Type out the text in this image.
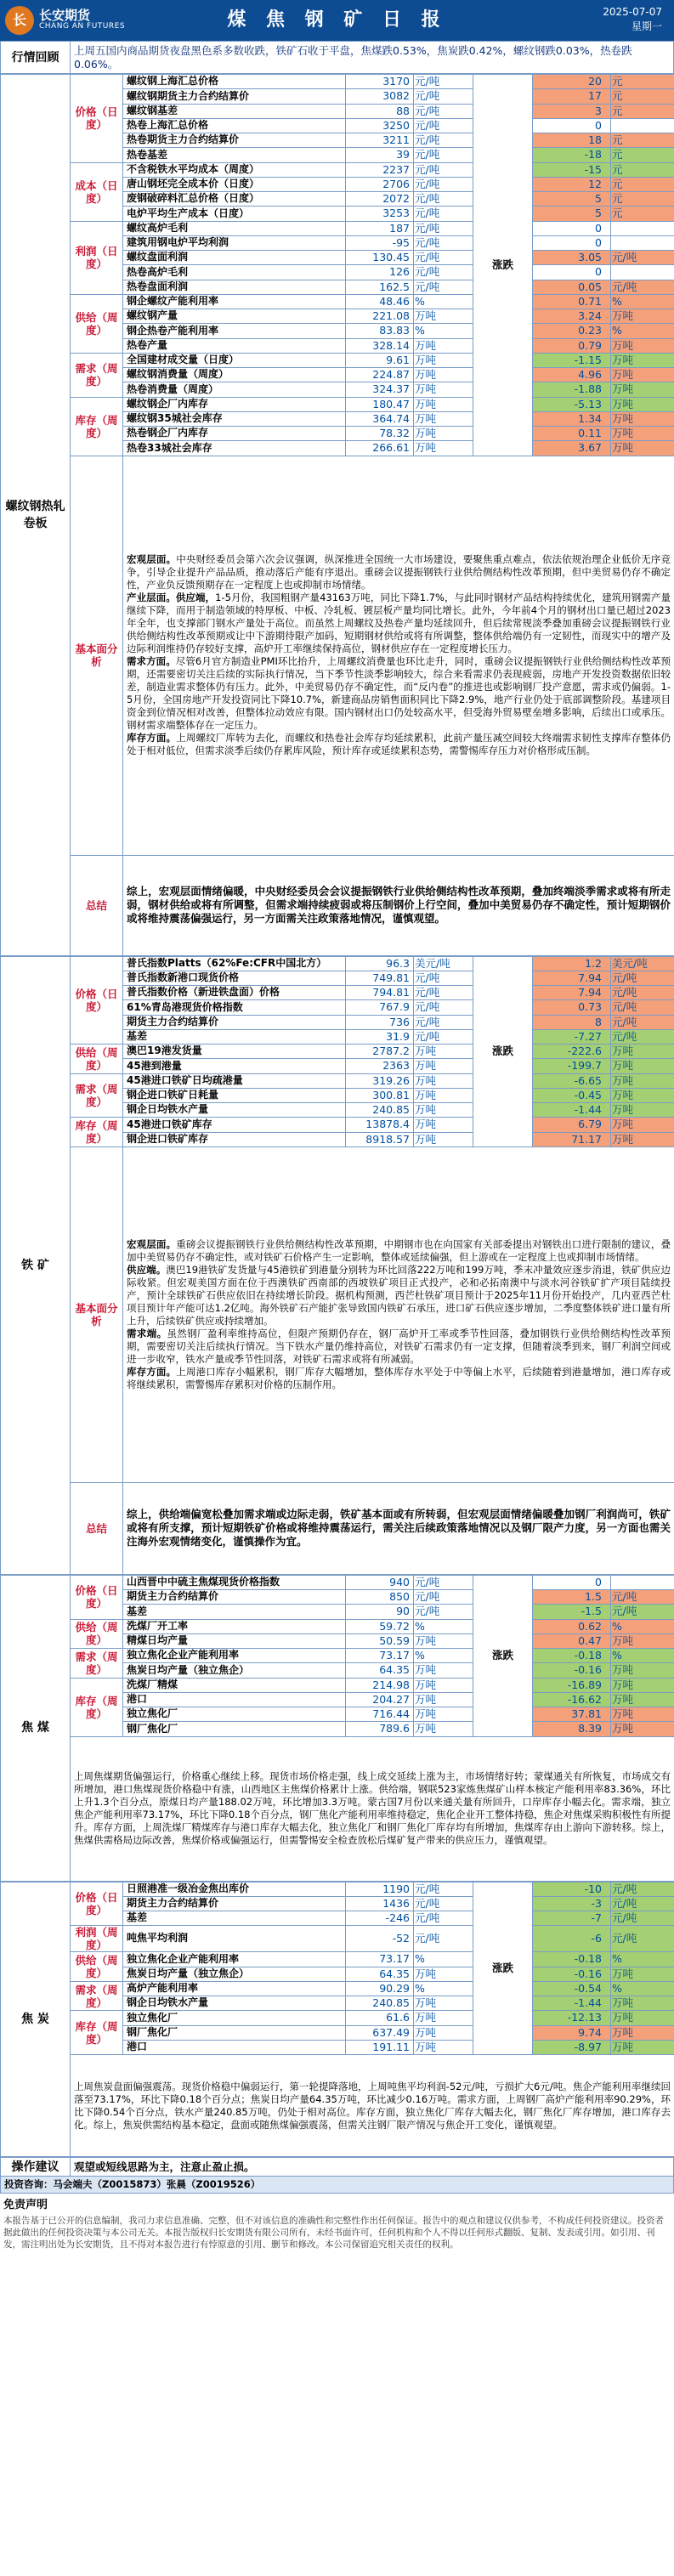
长	长安期货
CHANG AN FUTURES	煤 焦 钢 矿 日 报	2025-07-07
星期一
行情回顾	上周五国内商品期货夜盘黑色系多数收跌，铁矿石收于平盘，焦煤跌0.53%，焦炭跌0.42%，螺纹钢跌0.03%，热卷跌0.06%。
螺纹钢热轧卷板	价格（日度）	螺纹钢上海汇总价格	3170	元/吨	涨跌	20	元
		螺纹钢期货主力合约结算价	3082	元/吨		17	元
		螺纹钢基差	88	元/吨		3	元
		热卷上海汇总价格	3250	元/吨		0	
		热卷期货主力合约结算价	3211	元/吨		18	元
		热卷基差	39	元/吨		-18	元
	成本（日度）	不含税铁水平均成本（周度）	2237	元/吨		-15	元
		唐山钢坯完全成本价（日度）	2706	元/吨		12	元
		废钢破碎料汇总价格（日度）	2072	元/吨		5	元
		电炉平均生产成本（日度）	3253	元/吨		5	元
	利润（日度）	螺纹高炉毛利	187	元/吨		0	
		建筑用钢电炉平均利润	-95	元/吨		0	
		螺纹盘面利润	130.45	元/吨		3.05	元/吨
		热卷高炉毛利	126	元/吨		0	
		热卷盘面利润	162.5	元/吨		0.05	元/吨
	供给（周度）	钢企螺纹产能利用率	48.46	%		0.71	%
		螺纹钢产量	221.08	万吨		3.24	万吨
		钢企热卷产能利用率	83.83	%		0.23	%
		热卷产量	328.14	万吨		0.79	万吨
	需求（周度）	全国建材成交量（日度）	9.61	万吨		-1.15	万吨
		螺纹钢消费量（周度）	224.87	万吨		4.96	万吨
		热卷消费量（周度）	324.37	万吨		-1.88	万吨
	库存（周度）	螺纹钢企厂内库存	180.47	万吨		-5.13	万吨
		螺纹钢35城社会库存	364.74	万吨		1.34	万吨
		热卷钢企厂内库存	78.32	万吨		0.11	万吨
		热卷33城社会库存	266.61	万吨		3.67	万吨
	基本面分析	宏观层面。中央财经委员会第六次会议强调，纵深推进全国统一大市场建设，要聚焦重点难点，依法依规治理企业低价无序竞争，引导企业提升产品品质，推动落后产能有序退出。重磅会议提振钢铁行业供给侧结构性改革预期，但中美贸易仍存不确定性，产业负反馈预期存在一定程度上也或抑制市场情绪。
产业层面。供应端，1-5月份，我国粗钢产量43163万吨，同比下降1.7%，与此同时钢材产品结构持续优化，建筑用钢需产量继续下降，而用于制造领域的特厚板、中板、冷轧板、镀层板产量均同比增长。此外，今年前4个月的钢材出口量已超过2023年全年，也支撑部门钢水产量处于高位。而虽然上周螺纹及热卷产量均延续回升，但后续常规淡季叠加重磅会议提振钢铁行业供给侧结构性改革预期或让中下游期待限产加码，短期钢材供给或将有所调整，整体供给端仍有一定韧性，而现实中的增产及边际利润维持仍存较好支撑，高炉开工率继续保持高位，钢材供应存在一定程度增长压力。
需求方面。尽管6月官方制造业PMI环比抬升，上周螺纹消费量也环比走升，同时，重磅会议提振钢铁行业供给侧结构性改革预期，还需要密切关注后续的实际执行情况，当下季节性淡季影响较大，综合来看需求仍表现疲弱，房地产开发投资数据依旧较差，制造业需求整体仍有压力。此外，中美贸易仍存不确定性，而“反内卷”的推进也或影响钢厂投产意愿，需求或仍偏弱。1-5月份，全国房地产开发投资同比下降10.7%，新建商品房销售面积同比下降2.9%，地产行业仍处于底部调整阶段。基建项目资金到位情况相对改善，但整体拉动效应有限。国内钢材出口仍处较高水平，但受海外贸易壁垒增多影响，后续出口或承压。钢材需求端整体存在一定压力。
库存方面。上周螺纹厂库转为去化，而螺纹和热卷社会库存均延续累积，此前产量压减空间较大终端需求韧性支撑库存整体仍处于相对低位，但需求淡季后续仍存累库风险，预计库存或延续累积态势，需警惕库存压力对价格形成压制。					

	总结	综上，宏观层面情绪偏暖，中央财经委员会会议提振钢铁行业供给侧结构性改革预期，叠加终端淡季需求或将有所走弱，钢材供给或将有所调整，但需求端持续疲弱或将压制钢价上行空间，叠加中美贸易仍存不确定性，预计短期钢价或将维持震荡偏强运行，另一方面需关注政策落地情况，谨慎观望。					
铁 矿	价格（日度）	普氏指数Platts（62%Fe:CFR中国北方）	96.3	美元/吨	涨跌	1.2	美元/吨
		普氏指数新港口现货价格	749.81	元/吨		7.94	元/吨
		普氏指数价格（新进铁盘面）价格	794.81	元/吨		7.94	元/吨
		61%青岛港现货价格指数	767.9	元/吨		0.73	元/吨
		期货主力合约结算价	736	元/吨		8	元/吨
		基差	31.9	元/吨		-7.27	元/吨
	供给（周度）	澳巴19港发货量	2787.2	万吨		-222.6	万吨
		45港到港量	2363	万吨		-199.7	万吨
	需求（周度）	45港进口铁矿日均疏港量	319.26	万吨		-6.65	万吨
		钢企进口铁矿日耗量	300.81	万吨		-0.45	万吨
		钢企日均铁水产量	240.85	万吨		-1.44	万吨
	库存（周度）	45港进口铁矿库存	13878.4	万吨		6.79	万吨
		钢企进口铁矿库存	8918.57	万吨		71.17	万吨
	基本面分析	宏观层面。重磅会议提振钢铁行业供给侧结构性改革预期，中期钢市也在向国家有关部委提出对钢铁出口进行限制的建议，叠加中美贸易仍存不确定性，或对铁矿石价格产生一定影响，整体或延续偏强，但上游或在一定程度上也或抑制市场情绪。
供应端。澳巴19港铁矿发货量与45港铁矿到港量分别转为环比回落222万吨和199万吨，季末冲量效应逐步消退，铁矿供应边际收紧。但宏观美国方面在位于西澳铁矿西南部的西坡铁矿项目正式投产，必和必拓南澳中与淡水河谷铁矿扩产项目陆续投产，预计全球铁矿石供应依旧在持续增长阶段。据机构预测，西芒杜铁矿项目预计于2025年11月份开始投产，几内亚西芒杜项目预计年产能可达1.2亿吨。海外铁矿石产能扩张导致国内铁矿石承压，进口矿石供应逐步增加，二季度整体铁矿进口量有所上升，后续铁矿供应或持续增加。
需求端。虽然钢厂盈利率维持高位，但限产预期仍存在，钢厂高炉开工率或季节性回落，叠加钢铁行业供给侧结构性改革预期，需要密切关注后续执行情况。当下铁水产量仍维持高位，对铁矿石需求仍有一定支撑，但随着淡季到来，钢厂利润空间或进一步收窄，铁水产量或季节性回落，对铁矿石需求或将有所减弱。
库存方面。上周港口库存小幅累积，钢厂库存大幅增加，整体库存水平处于中等偏上水平，后续随着到港量增加，港口库存或将继续累积，需警惕库存累积对价格的压制作用。					

	总结	综上，供给端偏宽松叠加需求端或边际走弱，铁矿基本面或有所转弱，但宏观层面情绪偏暖叠加钢厂利润尚可，铁矿或将有所支撑，预计短期铁矿价格或将维持震荡运行，需关注后续政策落地情况以及钢厂限产力度，另一方面也需关注海外宏观情绪变化，谨慎操作为宜。					
焦 煤	价格（日度）	山西晋中中硫主焦煤现货价格指数	940	元/吨	涨跌	0	
		期货主力合约结算价	850	元/吨		1.5	元/吨
		基差	90	元/吨		-1.5	元/吨
	供给（周度）	洗煤厂开工率	59.72	%		0.62	%
		精煤日均产量	50.59	万吨		0.47	万吨
	需求（周度）	独立焦化企业产能利用率	73.17	%		-0.18	%
		焦炭日均产量（独立焦企）	64.35	万吨		-0.16	万吨
	库存（周度）	洗煤厂精煤	214.98	万吨		-16.89	万吨
		港口	204.27	万吨		-16.62	万吨
		独立焦化厂	716.44	万吨		37.81	万吨
		钢厂焦化厂	789.6	万吨		8.39	万吨
	上周焦煤期货偏强运行，价格重心继续上移。现货市场价格走强，线上成交延续上涨为主，市场情绪好转；蒙煤通关有所恢复，市场成交有所增加，港口焦煤现货价格稳中有涨，山西地区主焦煤价格累计上涨。供给端，钢联523家炼焦煤矿山样本核定产能利用率83.36%，环比上升1.3个百分点，原煤日均产量188.02万吨，环比增加3.3万吨。蒙古国7月份以来通关量有所回升，口岸库存小幅去化。需求端，独立焦企产能利用率73.17%，环比下降0.18个百分点，钢厂焦化产能利用率维持稳定，焦化企业开工整体持稳，焦企对焦煤采购积极性有所提升。库存方面，上周洗煤厂精煤库存与港口库存大幅去化，独立焦化厂和钢厂焦化厂库存均有所增加，焦煤库存由上游向下游转移。综上，焦煤供需格局边际改善，焦煤价格或偏强运行，但需警惕安全检查放松后煤矿复产带来的供应压力，谨慎观望。						
焦 炭	价格（日度）	日照港准一级冶金焦出库价	1190	元/吨	涨跌	-10	元/吨
		期货主力合约结算价	1436	元/吨		-3	元/吨
		基差	-246	元/吨		-7	元/吨
	利润（周度）	吨焦平均利润	-52	元/吨		-6	元/吨
	供给（周度）	独立焦化企业产能利用率	73.17	%		-0.18	%
		焦炭日均产量（独立焦企）	64.35	万吨		-0.16	万吨
	需求（周度）	高炉产能利用率	90.29	%		-0.54	%
		钢企日均铁水产量	240.85	万吨		-1.44	万吨
	库存（周度）	独立焦化厂	61.6	万吨		-12.13	万吨
		钢厂焦化厂	637.49	万吨		9.74	万吨
		港口	191.11	万吨		-8.97	万吨
	上周焦炭盘面偏强震荡。现货价格稳中偏弱运行，第一轮提降落地，上周吨焦平均利润-52元/吨，亏损扩大6元/吨。焦企产能利用率继续回落至73.17%，环比下降0.18个百分点；焦炭日均产量64.35万吨，环比减少0.16万吨。需求方面，上周钢厂高炉产能利用率90.29%，环比下降0.54个百分点，铁水产量240.85万吨，仍处于相对高位。库存方面，独立焦化厂库存大幅去化，钢厂焦化厂库存增加，港口库存去化。综上，焦炭供需结构基本稳定，盘面或随焦煤偏强震荡，但需关注钢厂限产情况与焦企开工变化，谨慎观望。						
操作建议	观望或短线思路为主，注意止盈止损。
投资咨询：马会端夫（Z0015873）张晨（Z0019526）
免责声明
本报告基于已公开的信息编制，我司力求信息准确、完整，但不对该信息的准确性和完整性作出任何保证。报告中的观点和建议仅供参考，不构成任何投资建议。投资者据此做出的任何投资决策与本公司无关。本报告版权归长安期货有限公司所有，未经书面许可，任何机构和个人不得以任何形式翻版、复制、发表或引用。如引用、刊发，需注明出处为长安期货，且不得对本报告进行有悖原意的引用、删节和修改。本公司保留追究相关责任的权利。
